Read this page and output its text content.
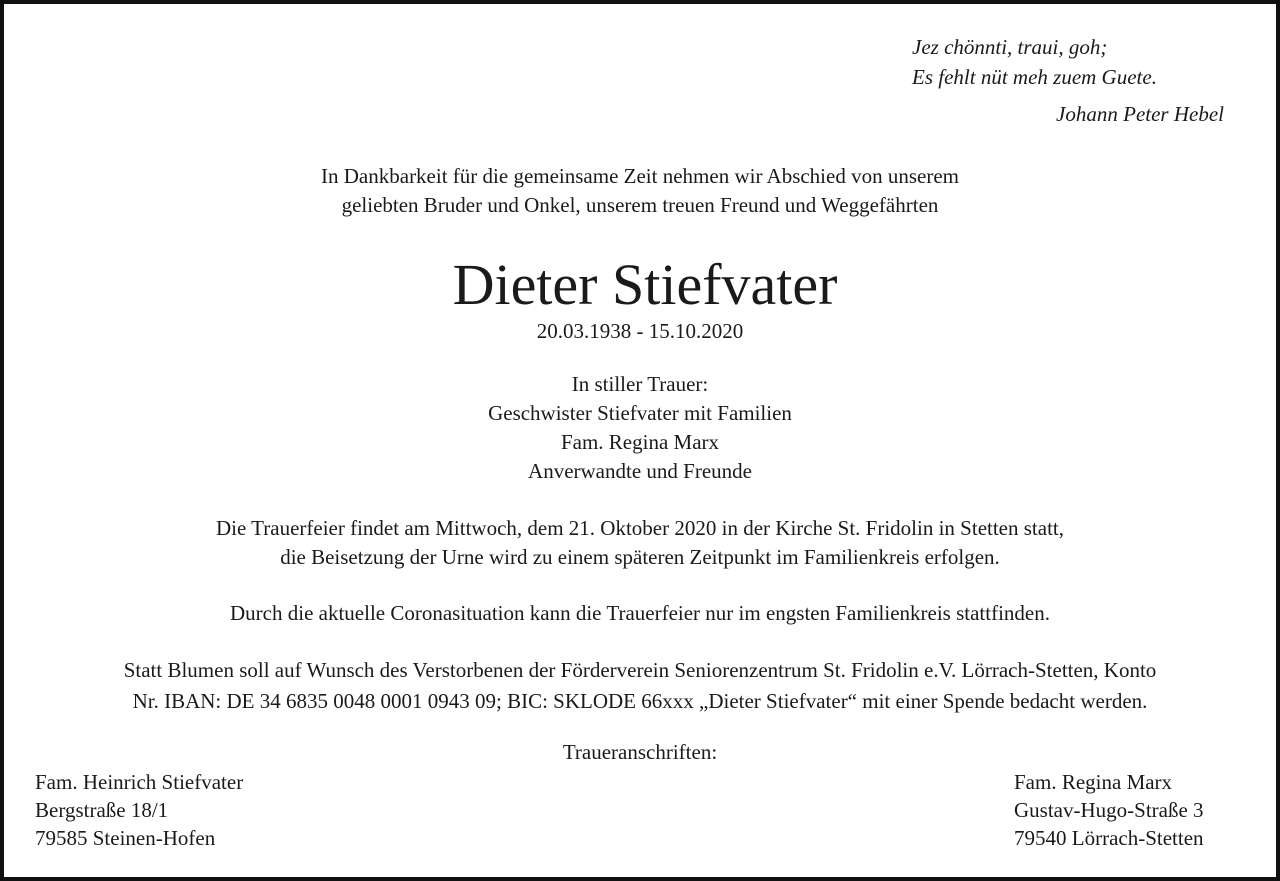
Jez chönnti, traui, goh;
Es fehlt nüt meh zuem Guete.
Johann Peter Hebel
In Dankbarkeit für die gemeinsame Zeit nehmen wir Abschied von unserem
geliebten Bruder und Onkel, unserem treuen Freund und Weggefährten
Dieter Stiefvater
20.03.1938 - 15.10.2020
In stiller Trauer:
Geschwister Stiefvater mit Familien
Fam. Regina Marx
Anverwandte und Freunde
Die Trauerfeier findet am Mittwoch, dem 21. Oktober 2020 in der Kirche St. Fridolin in Stetten statt,
die Beisetzung der Urne wird zu einem späteren Zeitpunkt im Familienkreis erfolgen.
Durch die aktuelle Coronasituation kann die Trauerfeier nur im engsten Familienkreis stattfinden.
Statt Blumen soll auf Wunsch des Verstorbenen der Förderverein Seniorenzentrum St. Fridolin e.V. Lörrach-Stetten, Konto
Nr. IBAN: DE 34 6835 0048 0001 0943 09; BIC: SKLODE 66xxx „Dieter Stiefvater“ mit einer Spende bedacht werden.
Traueranschriften:
Fam. Heinrich Stiefvater
Bergstraße 18/1
79585 Steinen-Hofen
Fam. Regina Marx
Gustav-Hugo-Straße 3
79540 Lörrach-Stetten
